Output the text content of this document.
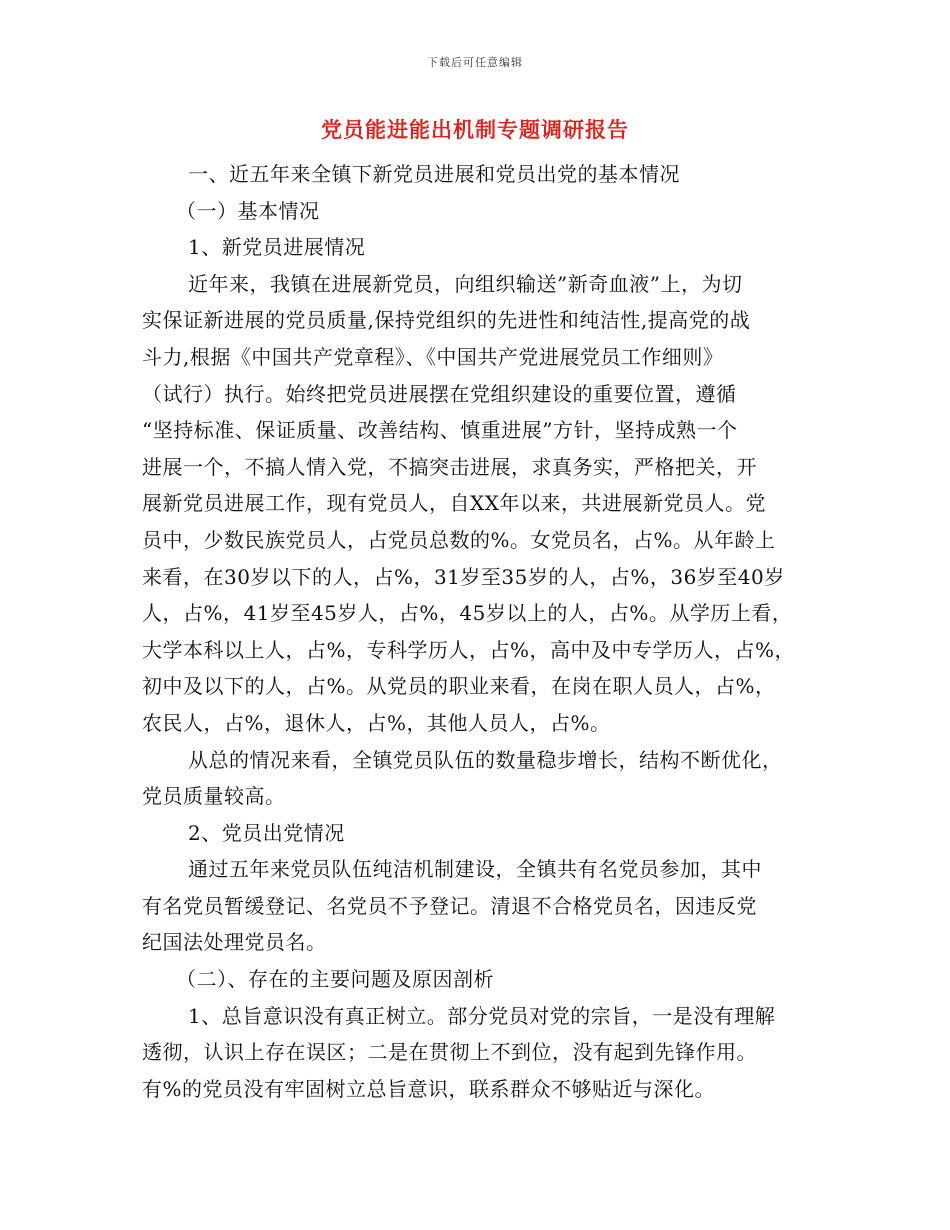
下载后可任意编辑
党员能进能出机制专题调研报告
一、近五年来全镇下新党员进展和党员出党的基本情况
（一）基本情况
1、新党员进展情况
近年来，我镇在进展新党员，向组织输送”新奇血液”上，为切
实保证新进展的党员质量,保持党组织的先进性和纯洁性,提高党的战
斗力,根据《中国共产党章程》、《中国共产党进展党员工作细则》
（试行）执行。始终把党员进展摆在党组织建设的重要位置，遵循
“坚持标准、保证质量、改善结构、慎重进展”方针，坚持成熟一个
进展一个，不搞人情入党，不搞突击进展，求真务实，严格把关，开
展新党员进展工作，现有党员人，自XX年以来，共进展新党员人。党
员中，少数民族党员人，占党员总数的%。女党员名，占%。从年龄上
来看，在30岁以下的人，占%，31岁至35岁的人，占%，36岁至40岁
人，占%，41岁至45岁人，占%，45岁以上的人，占%。从学历上看，
大学本科以上人，占%，专科学历人，占%，高中及中专学历人，占%，
初中及以下的人，占%。从党员的职业来看，在岗在职人员人，占%，
农民人，占%，退休人，占%，其他人员人，占%。
从总的情况来看，全镇党员队伍的数量稳步增长，结构不断优化，
党员质量较高。
2、党员出党情况
通过五年来党员队伍纯洁机制建设，全镇共有名党员参加，其中
有名党员暂缓登记、名党员不予登记。清退不合格党员名，因违反党
纪国法处理党员名。
（二）、存在的主要问题及原因剖析
1、总旨意识没有真正树立。部分党员对党的宗旨，一是没有理解
透彻，认识上存在误区；二是在贯彻上不到位，没有起到先锋作用。
有%的党员没有牢固树立总旨意识，联系群众不够贴近与深化。
